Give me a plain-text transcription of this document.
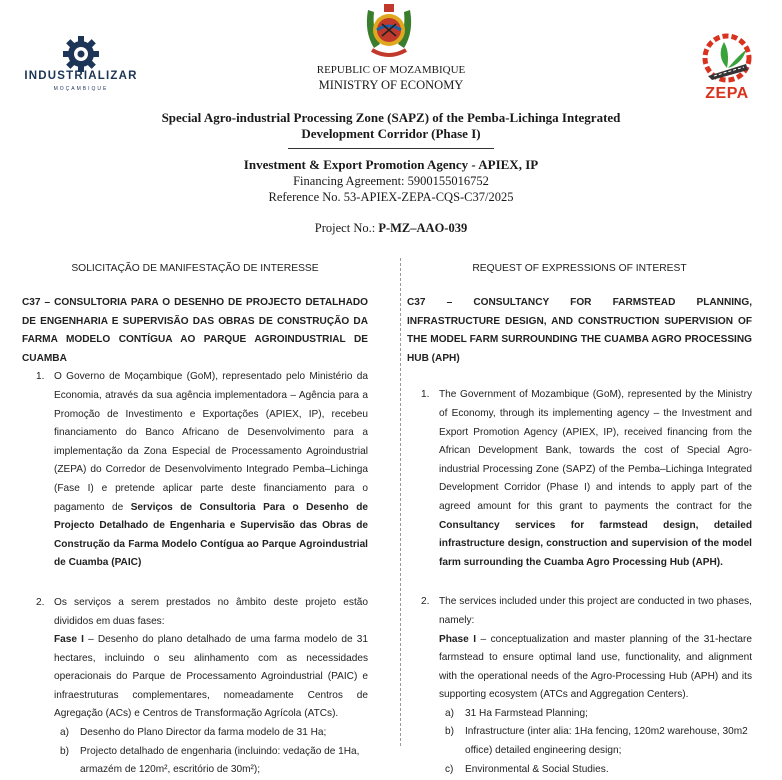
INDUSTRIALIZAR
MOÇAMBIQUE	ZEPA
REPUBLIC OF MOZAMBIQUE
MINISTRY OF ECONOMY
Special Agro-industrial Processing Zone (SAPZ) of the Pemba-Lichinga Integrated
Development Corridor (Phase I)
Investment & Export Promotion Agency - APIEX, IP
Financing Agreement: 5900155016752
Reference No. 53-APIEX-ZEPA-CQS-C37/2025
Project No.: P-MZ–AAO-039
SOLICITAÇÃO DE MANIFESTAÇÃO DE INTERESSE

C37 – CONSULTORIA PARA O DESENHO DE PROJECTO DETALHADO DE ENGENHARIA E SUPERVISÃO DAS OBRAS DE CONSTRUÇÃO DA FARMA MODELO CONTÍGUA AO PARQUE AGROINDUSTRIAL DE CUAMBA

1. O Governo de Moçambique (GoM), representado pelo Ministério da Economia, através da sua agência implementadora – Agência para a Promoção de Investimento e Exportações (APIEX, IP), recebeu financiamento do Banco Africano de Desenvolvimento para a implementação da Zona Especial de Processamento Agroindustrial (ZEPA) do Corredor de Desenvolvimento Integrado Pemba–Lichinga (Fase I) e pretende aplicar parte deste financiamento para o pagamento de Serviços de Consultoria Para o Desenho de Projecto Detalhado de Engenharia e Supervisão das Obras de Construção da Farma Modelo Contígua ao Parque Agroindustrial de Cuamba (PAIC)
2. Os serviços a serem prestados no âmbito deste projeto estão divididos em duas fases:
Fase I – Desenho do plano detalhado de uma farma modelo de 31 hectares, incluindo o seu alinhamento com as necessidades operacionais do Parque de Processamento Agroindustrial (PAIC) e infraestruturas complementares, nomeadamente Centros de Agregação (ACs) e Centros de Transformação Agrícola (ATCs).
a) Desenho do Plano Director da farma modelo de 31 Ha;
b) Projecto detalhado de engenharia (incluindo: vedação de 1Ha, armazém de 120m², escritório de 30m²);
REQUEST OF EXPRESSIONS OF INTEREST

C37 – CONSULTANCY FOR FARMSTEAD PLANNING, INFRASTRUCTURE DESIGN, AND CONSTRUCTION SUPERVISION OF THE MODEL FARM SURROUNDING THE CUAMBA AGRO PROCESSING HUB (APH)

1. The Government of Mozambique (GoM), represented by the Ministry of Economy, through its implementing agency – the Investment and Export Promotion Agency (APIEX, IP), received financing from the African Development Bank, towards the cost of Special Agro-industrial Processing Zone (SAPZ) of the Pemba–Lichinga Integrated Development Corridor (Phase I) and intends to apply part of the agreed amount for this grant to payments the contract for the Consultancy services for farmstead design, detailed infrastructure design, construction and supervision of the model farm surrounding the Cuamba Agro Processing Hub (APH).
2. The services included under this project are conducted in two phases, namely:
Phase I – conceptualization and master planning of the 31-hectare farmstead to ensure optimal land use, functionality, and alignment with the operational needs of the Agro-Processing Hub (APH) and its supporting ecosystem (ATCs and Aggregation Centers).
a) 31 Ha Farmstead Planning;
b) Infrastructure (inter alia: 1Ha fencing, 120m2 warehouse, 30m2 office) detailed engineering design;
c) Environmental & Social Studies.
